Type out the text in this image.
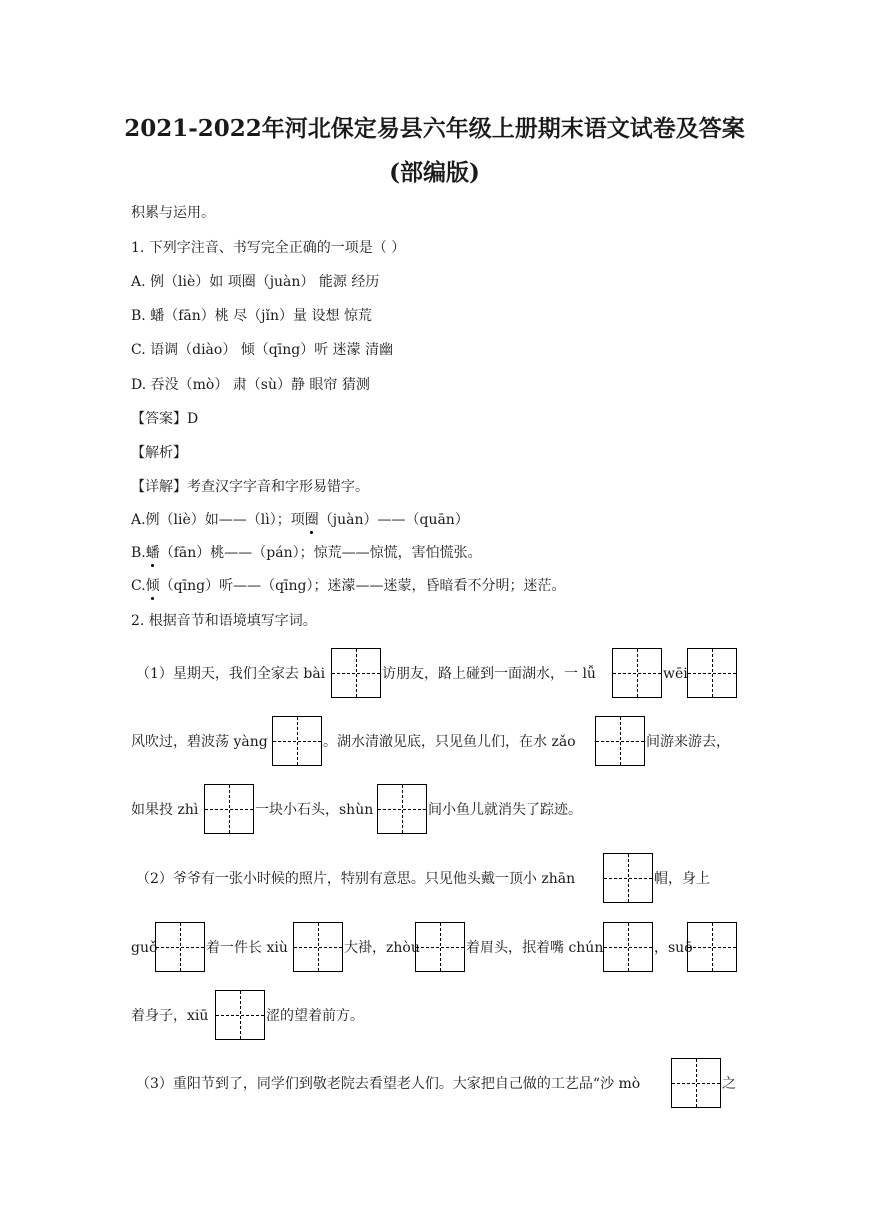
2021-2022年河北保定易县六年级上册期末语文试卷及答案
(部编版)
积累与运用。
1. 下列字注音、书写完全正确的一项是（ ）
A. 例（liè）如 项圈（juàn） 能源 经历
B. 蟠（fān）桃 尽（jǐn）量 设想 惊荒
C. 语调（diào） 倾（qīng）听 迷濛 清幽
D. 吞没（mò） 肃（sù）静 眼帘 猜测
【答案】D
【解析】
【详解】考查汉字字音和字形易错字。
A.例（liè）如——（lì）；项圈（juàn）——（quān）
B.蟠（fān）桃——（pán）；惊荒——惊慌，害怕慌张。
C.倾（qīng）听——（qīng）；迷濛——迷蒙，昏暗看不分明；迷茫。
2. 根据音节和语境填写字词。
（1）星期天，我们全家去 bài	访朋友，路上碰到一面湖水，一 lǚ	wēi
风吹过，碧波荡 yàng	。湖水清澈见底，只见鱼儿们，在水 zǎo	间游来游去，
如果投 zhì	一块小石头，shùn	间小鱼儿就消失了踪迹。
（2）爷爷有一张小时候的照片，特别有意思。只见他头戴一顶小 zhān	帽，身上
guǒ	着一件长 xiù	大褂，zhòu	着眉头，抿着嘴 chún	，suō
着身子，xiū	涩的望着前方。
（3）重阳节到了，同学们到敬老院去看望老人们。大家把自己做的工艺品“沙 mò	之
